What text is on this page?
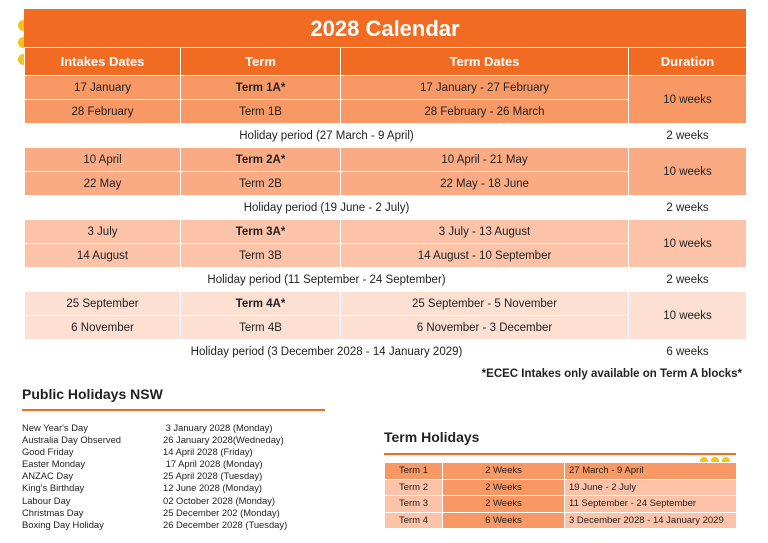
2028 Calendar
Intakes Dates	Term	Term Dates	Duration
17 January	Term 1A*	17 January - 27 February	10 weeks
28 February	Term 1B	28 February - 26 March	
Holiday period (27 March - 9 April)			2 weeks
10 April	Term 2A*	10 April - 21 May	10 weeks
22 May	Term 2B	22 May - 18 June	
Holiday period (19 June - 2 July)			2 weeks
3 July	Term 3A*	3 July - 13 August	10 weeks
14 August	Term 3B	14 August - 10 September	
Holiday period (11 September - 24 September)			2 weeks
25 September	Term 4A*	25 September - 5 November	10 weeks
6 November	Term 4B	6 November - 3 December	
Holiday period (3 December 2028 - 14 January 2029)			6 weeks
*ECEC Intakes only available on Term A blocks*
Public Holidays NSW
New Year's Day	3 January 2028 (Monday)
Australia Day Observed	26 January 2028(Wedneday)
Good Friday	14 April 2028 (Friday)
Easter Monday	17 April 2028 (Monday)
ANZAC Day	25 April 2028 (Tuesday)
King's Birthday	12 June 2028 (Monday)
Labour Day	02 October 2028 (Monday)
Christmas Day	25 December 202 (Monday)
Boxing Day Holiday	26 December 2028 (Tuesday)
Term Holidays
Term 1	2 Weeks	27 March - 9 April
Term 2	2 Weeks	19 June - 2 July
Term 3	2 Weeks	11 September - 24 September
Term 4	6 Weeks	3 December 2028 - 14 January 2029
